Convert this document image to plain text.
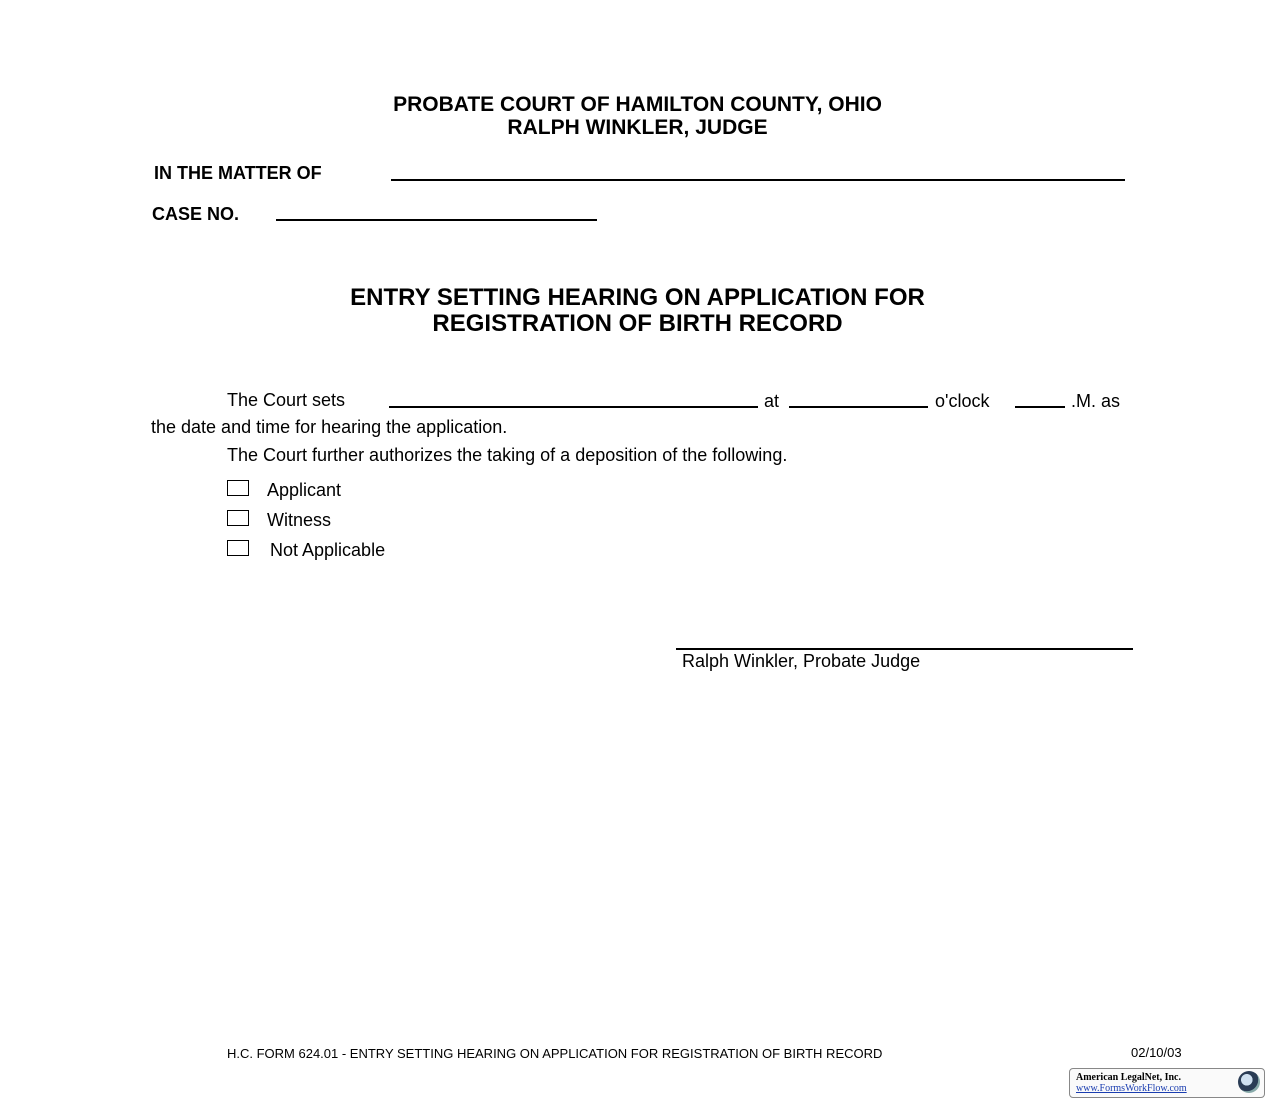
PROBATE COURT OF HAMILTON COUNTY, OHIO
RALPH WINKLER, JUDGE
IN THE MATTER OF
CASE NO.
ENTRY SETTING HEARING ON APPLICATION FOR
REGISTRATION OF BIRTH RECORD
The Court sets	at	o'clock	.M. as
the date and time for hearing the application.
The Court further authorizes the taking of a deposition of the following.
Applicant
Witness
Not Applicable
Ralph Winkler, Probate Judge
H.C. FORM 624.01 - ENTRY SETTING HEARING ON APPLICATION FOR REGISTRATION OF BIRTH RECORD	02/10/03
American LegalNet, Inc.
www.FormsWorkFlow.com
